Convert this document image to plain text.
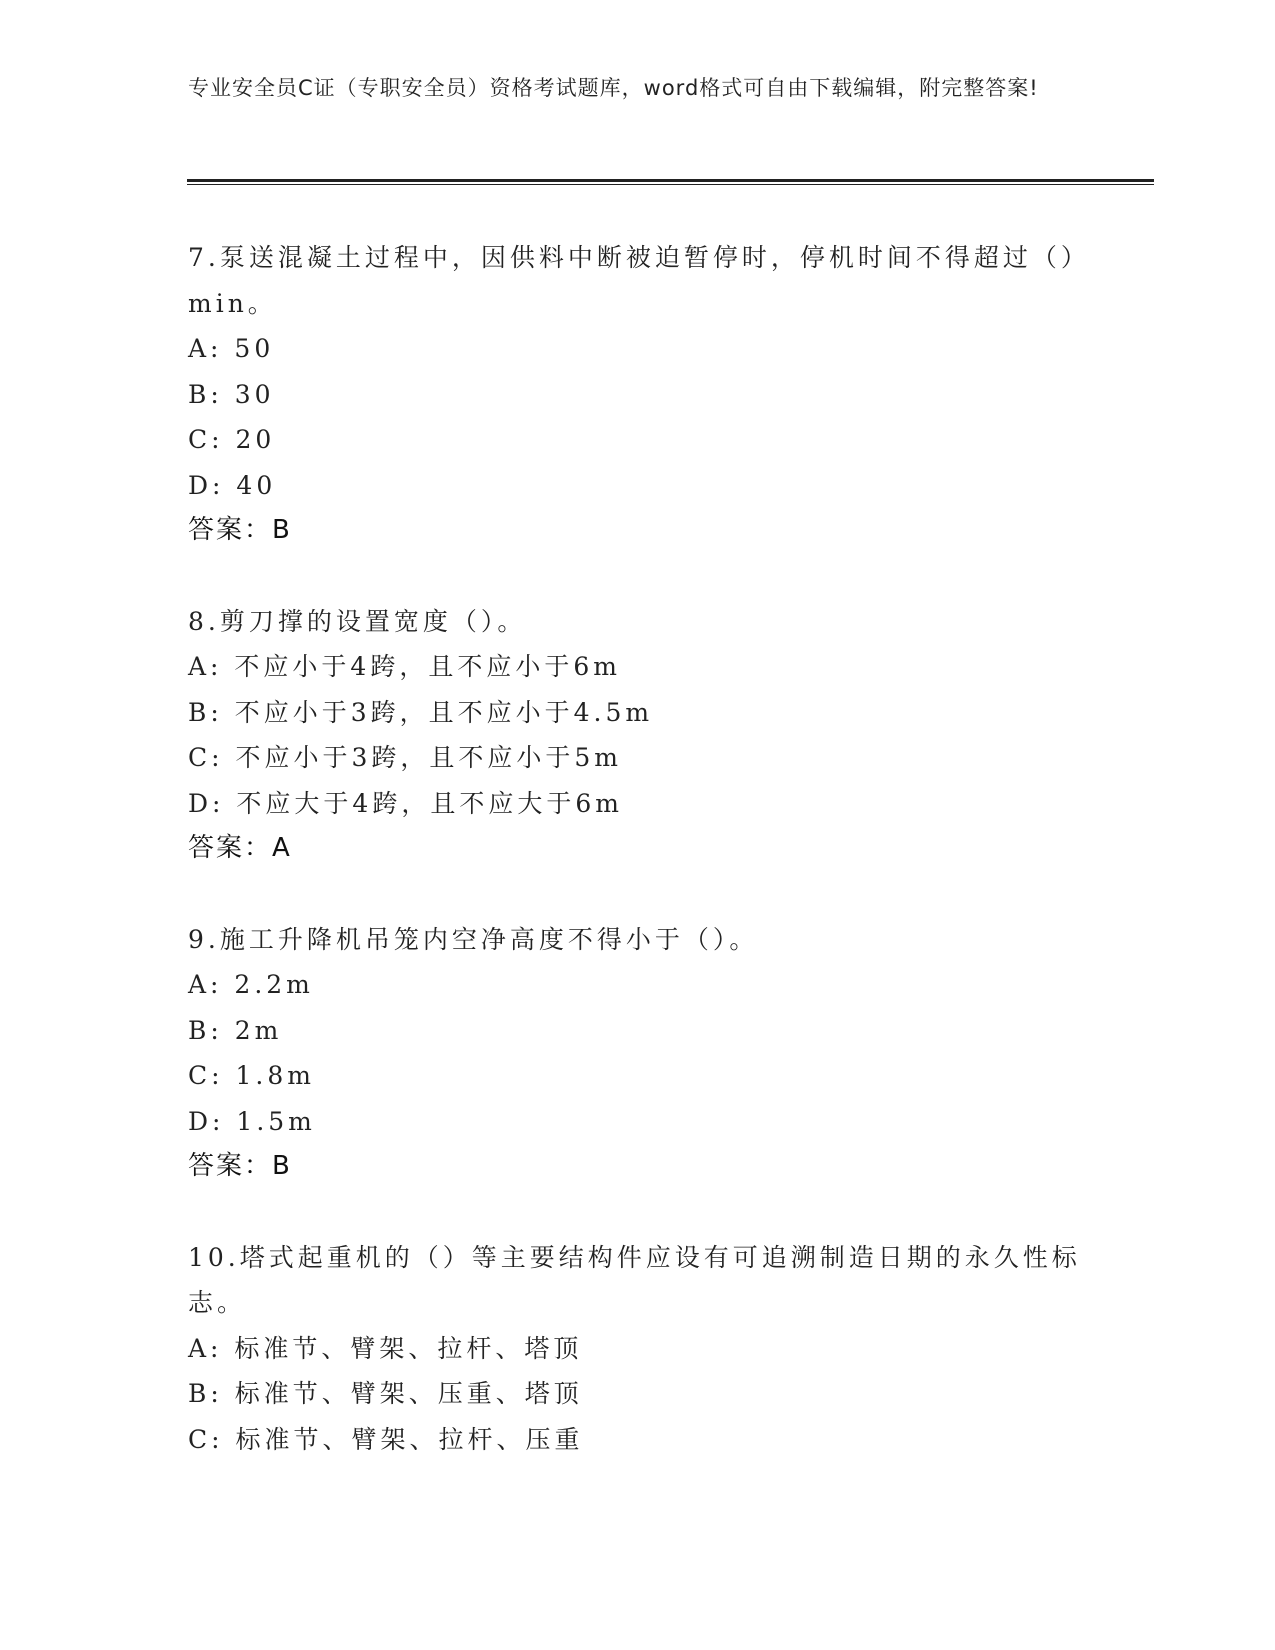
专业安全员C证（专职安全员）资格考试题库，word格式可自由下载编辑，附完整答案!

7.泵送混凝土过程中，因供料中断被迫暂停时，停机时间不得超过（）min。

A: 50

B: 30

C: 20

D: 40

答案：B

8.剪刀撑的设置宽度（）。

A: 不应小于4跨，且不应小于6m

B: 不应小于3跨，且不应小于4.5m

C: 不应小于3跨，且不应小于5m

D: 不应大于4跨，且不应大于6m

答案：A

9.施工升降机吊笼内空净高度不得小于（）。

A: 2.2m

B: 2m

C: 1.8m

D: 1.5m

答案：B

10.塔式起重机的（）等主要结构件应设有可追溯制造日期的永久性标志。

A: 标准节、臂架、拉杆、塔顶

B: 标准节、臂架、压重、塔顶

C: 标准节、臂架、拉杆、压重
